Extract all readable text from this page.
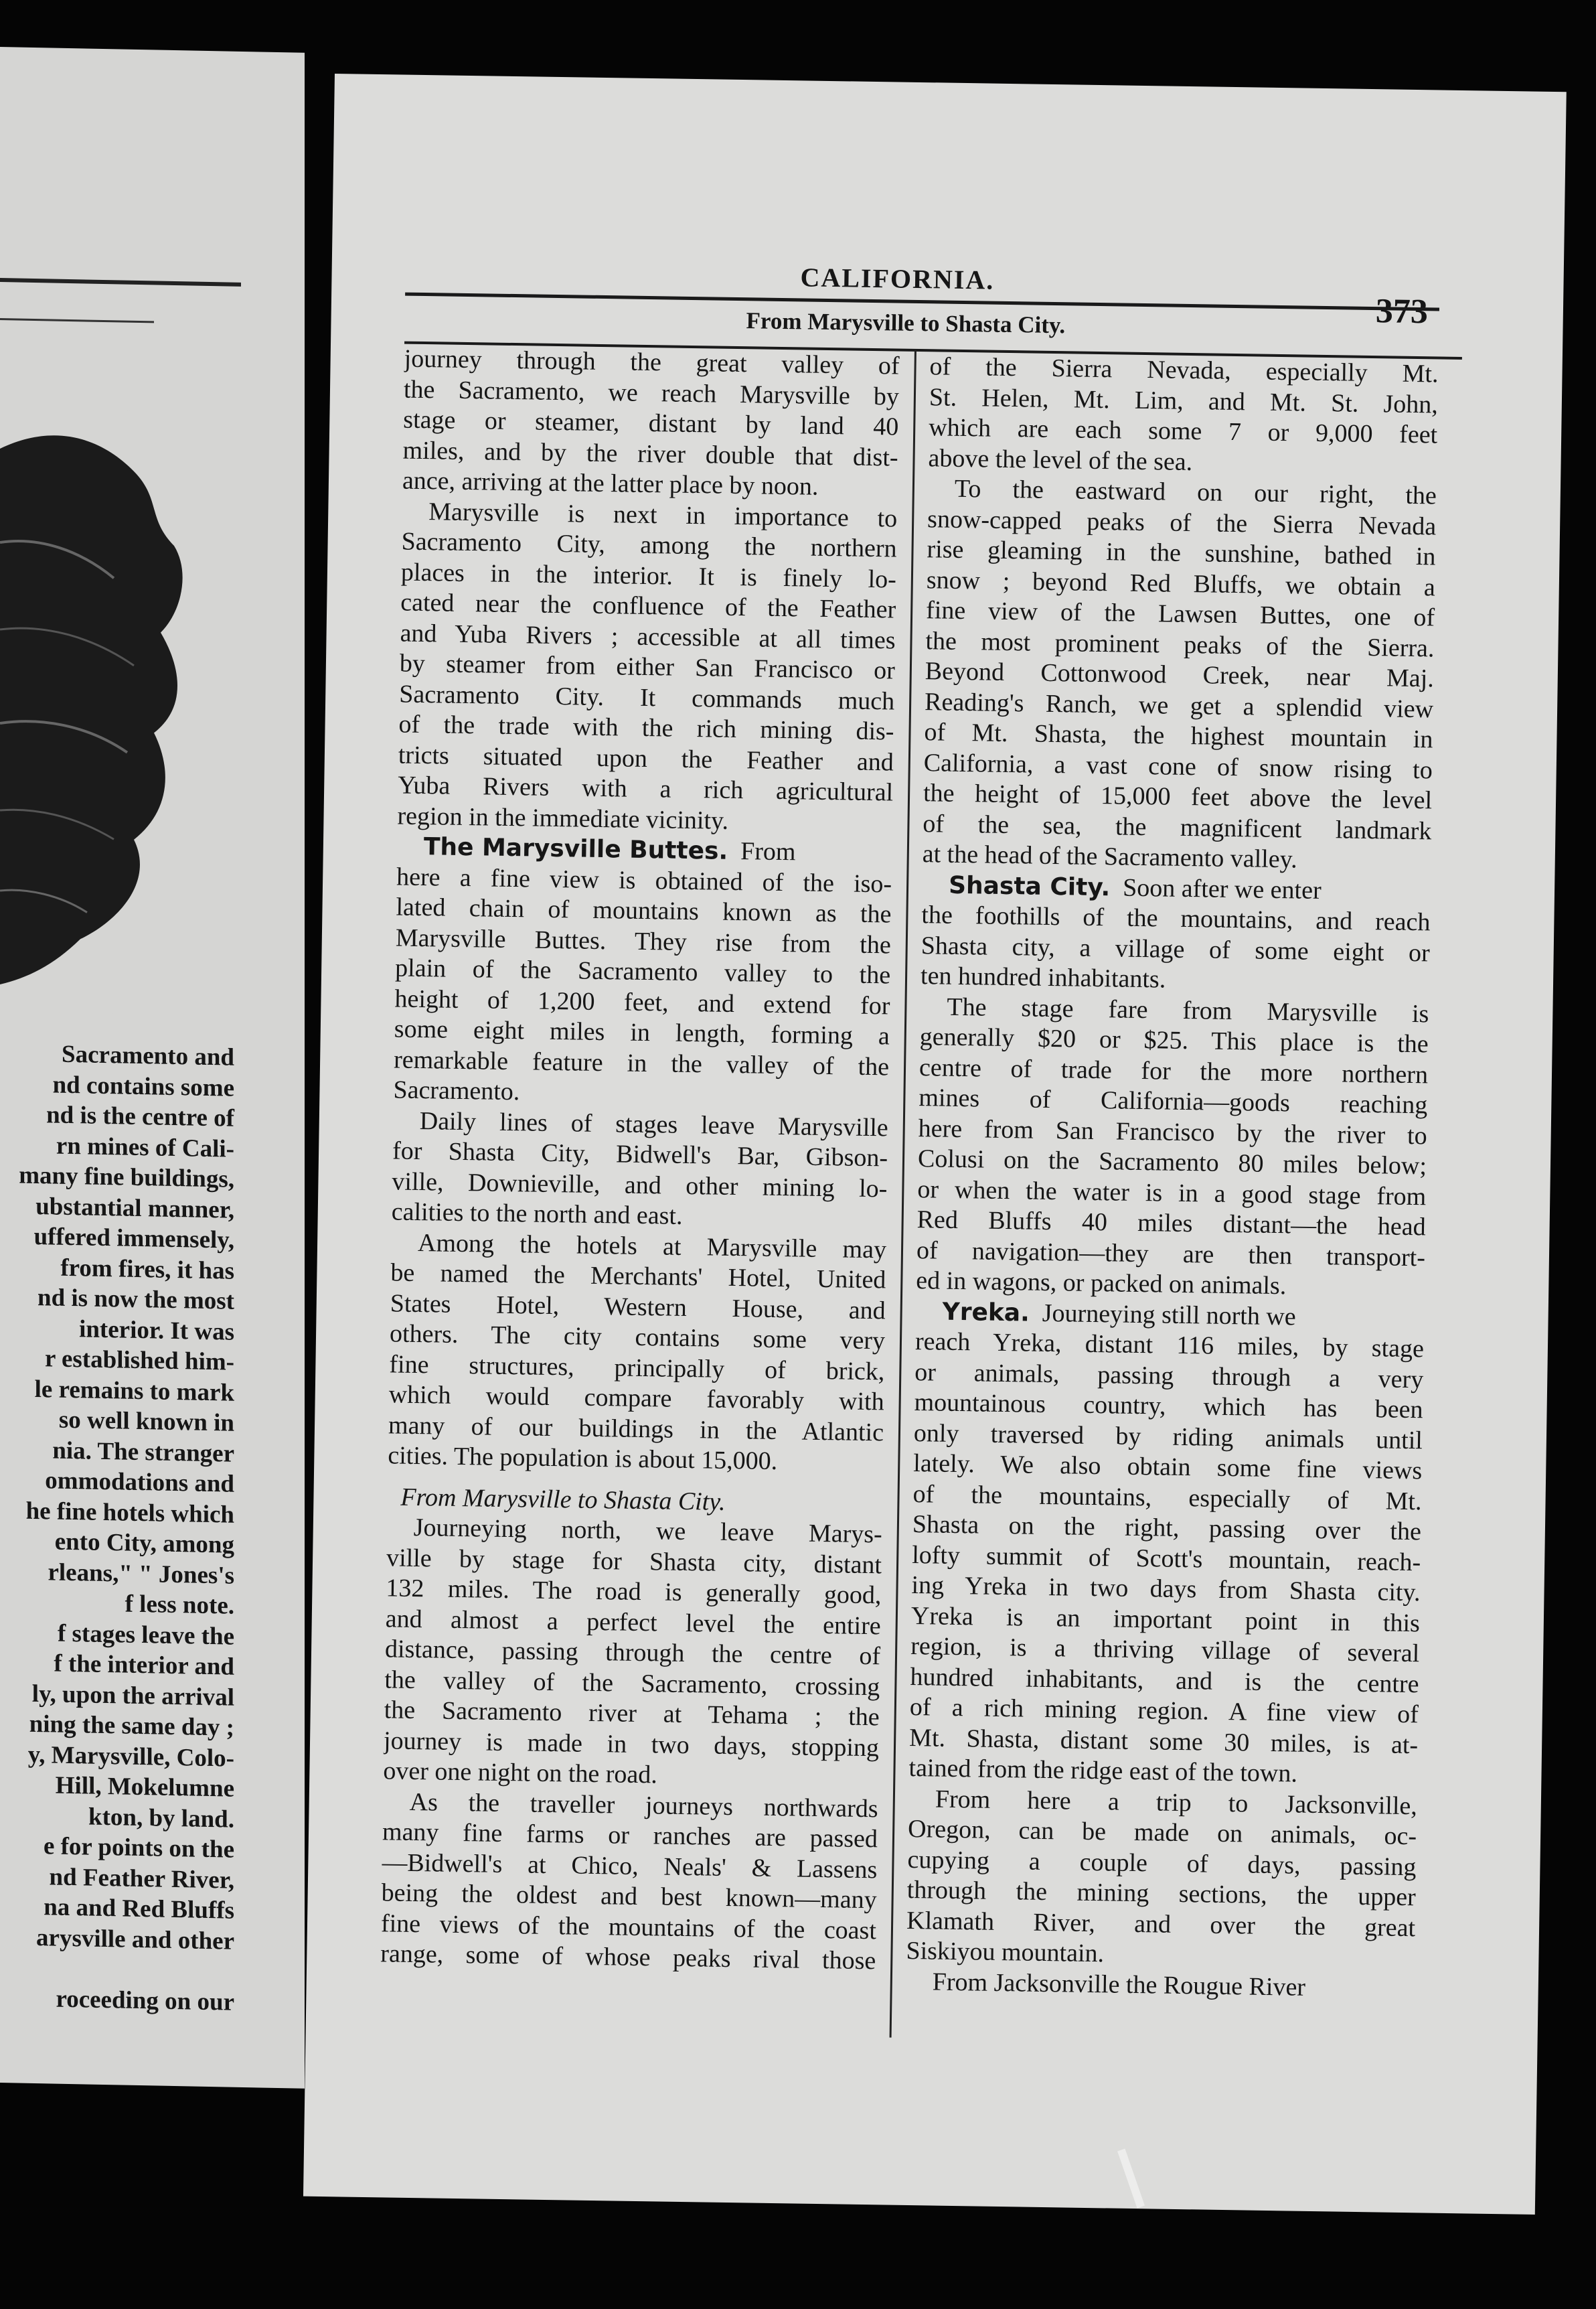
Sacramento and
nd contains some
nd is the centre of
rn mines of Cali-
many fine buildings,
ubstantial manner,
uffered immensely,
from fires, it has
nd is now the most
interior. It was
r established him-
le remains to mark
so well known in
nia. The stranger
ommodations and
he fine hotels which
ento City, among
rleans," " Jones's
f less note.
f stages leave the
f the interior and
ly, upon the arrival
ning the same day ;
y, Marysville, Colo-
Hill, Mokelumne
kton, by land.
e for points on the
nd Feather River,
na and Red Bluffs
arysville and other
roceeding on our
CALIFORNIA.
373
From Marysville to Shasta City.
journey through the great valley of
the Sacramento, we reach Marysville by
stage or steamer, distant by land 40
miles, and by the river double that dist-
ance, arriving at the latter place by noon.
Marysville is next in importance to
Sacramento City, among the northern
places in the interior. It is finely lo-
cated near the confluence of the Feather
and Yuba Rivers ; accessible at all times
by steamer from either San Francisco or
Sacramento City. It commands much
of the trade with the rich mining dis-
tricts situated upon the Feather and
Yuba Rivers with a rich agricultural
region in the immediate vicinity.
The Marysville Buttes. From
here a fine view is obtained of the iso-
lated chain of mountains known as the
Marysville Buttes. They rise from the
plain of the Sacramento valley to the
height of 1,200 feet, and extend for
some eight miles in length, forming a
remarkable feature in the valley of the
Sacramento.
Daily lines of stages leave Marysville
for Shasta City, Bidwell's Bar, Gibson-
ville, Downieville, and other mining lo-
calities to the north and east.
Among the hotels at Marysville may
be named the Merchants' Hotel, United
States Hotel, Western House, and
others. The city contains some very
fine structures, principally of brick,
which would compare favorably with
many of our buildings in the Atlantic
cities. The population is about 15,000.
From Marysville to Shasta City.
Journeying north, we leave Marys-
ville by stage for Shasta city, distant
132 miles. The road is generally good,
and almost a perfect level the entire
distance, passing through the centre of
the valley of the Sacramento, crossing
the Sacramento river at Tehama ; the
journey is made in two days, stopping
over one night on the road.
As the traveller journeys northwards
many fine farms or ranches are passed
—Bidwell's at Chico, Neals' & Lassens
being the oldest and best known—many
fine views of the mountains of the coast
range, some of whose peaks rival those
of the Sierra Nevada, especially Mt.
St. Helen, Mt. Lim, and Mt. St. John,
which are each some 7 or 9,000 feet
above the level of the sea.
To the eastward on our right, the
snow-capped peaks of the Sierra Nevada
rise gleaming in the sunshine, bathed in
snow ; beyond Red Bluffs, we obtain a
fine view of the Lawsen Buttes, one of
the most prominent peaks of the Sierra.
Beyond Cottonwood Creek, near Maj.
Reading's Ranch, we get a splendid view
of Mt. Shasta, the highest mountain in
California, a vast cone of snow rising to
the height of 15,000 feet above the level
of the sea, the magnificent landmark
at the head of the Sacramento valley.
Shasta City. Soon after we enter
the foothills of the mountains, and reach
Shasta city, a village of some eight or
ten hundred inhabitants.
The stage fare from Marysville is
generally $20 or $25. This place is the
centre of trade for the more northern
mines of California—goods reaching
here from San Francisco by the river to
Colusi on the Sacramento 80 miles below;
or when the water is in a good stage from
Red Bluffs 40 miles distant—the head
of navigation—they are then transport-
ed in wagons, or packed on animals.
Yreka. Journeying still north we
reach Yreka, distant 116 miles, by stage
or animals, passing through a very
mountainous country, which has been
only traversed by riding animals until
lately. We also obtain some fine views
of the mountains, especially of Mt.
Shasta on the right, passing over the
lofty summit of Scott's mountain, reach-
ing Yreka in two days from Shasta city.
Yreka is an important point in this
region, is a thriving village of several
hundred inhabitants, and is the centre
of a rich mining region. A fine view of
Mt. Shasta, distant some 30 miles, is at-
tained from the ridge east of the town.
From here a trip to Jacksonville,
Oregon, can be made on animals, oc-
cupying a couple of days, passing
through the mining sections, the upper
Klamath River, and over the great
Siskiyou mountain.
From Jacksonville the Rougue River
